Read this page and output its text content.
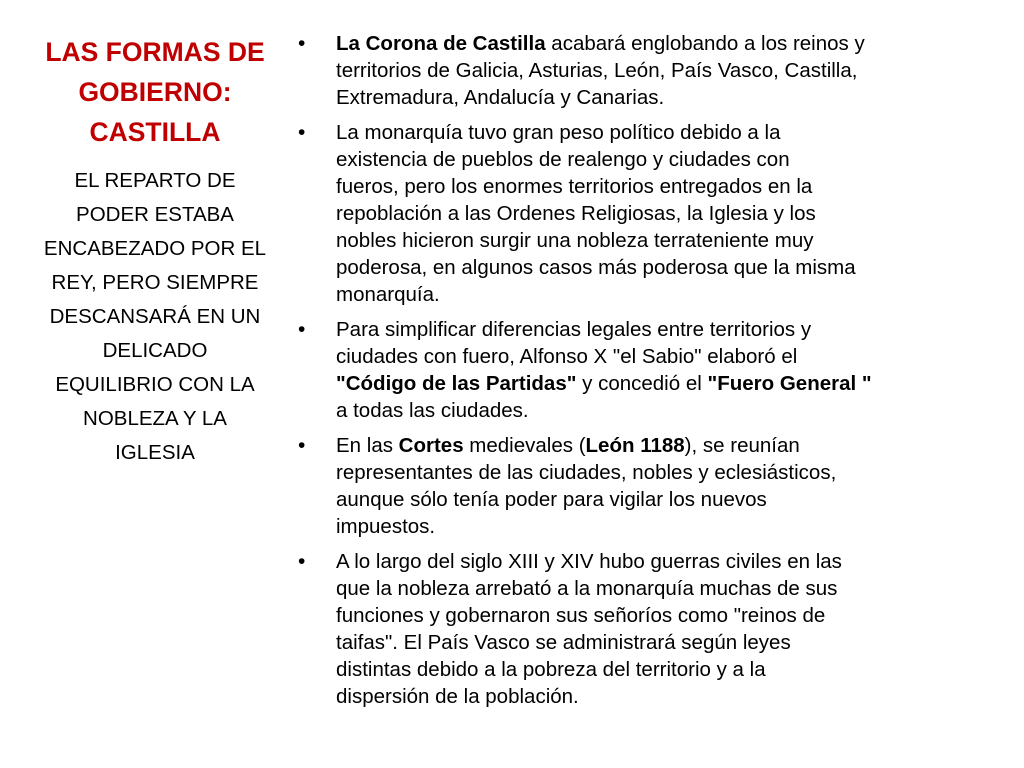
LAS FORMAS DE
GOBIERNO:
CASTILLA

EL REPARTO DE
PODER ESTABA
ENCABEZADO POR EL
REY, PERO SIEMPRE
DESCANSARÁ EN UN
DELICADO
EQUILIBRIO CON LA
NOBLEZA Y LA
IGLESIA

• La Corona de Castilla acabará englobando a los reinos y
territorios de Galicia, Asturias, León, País Vasco, Castilla,
Extremadura, Andalucía y Canarias.
• La monarquía tuvo gran peso político debido a la
existencia de pueblos de realengo y ciudades con
fueros, pero los enormes territorios entregados en la
repoblación a las Ordenes Religiosas, la Iglesia y los
nobles hicieron surgir una nobleza terrateniente muy
poderosa, en algunos casos más poderosa que la misma
monarquía.
• Para simplificar diferencias legales entre territorios y
ciudades con fuero, Alfonso X "el Sabio" elaboró el
"Código de las Partidas" y concedió el "Fuero General "
a todas las ciudades.
• En las Cortes medievales (León 1188), se reunían
representantes de las ciudades, nobles y eclesiásticos,
aunque sólo tenía poder para vigilar los nuevos
impuestos.
• A lo largo del siglo XIII y XIV hubo guerras civiles en las
que la nobleza arrebató a la monarquía muchas de sus
funciones y gobernaron sus señoríos como "reinos de
taifas". El País Vasco se administrará según leyes
distintas debido a la pobreza del territorio y a la
dispersión de la población.
